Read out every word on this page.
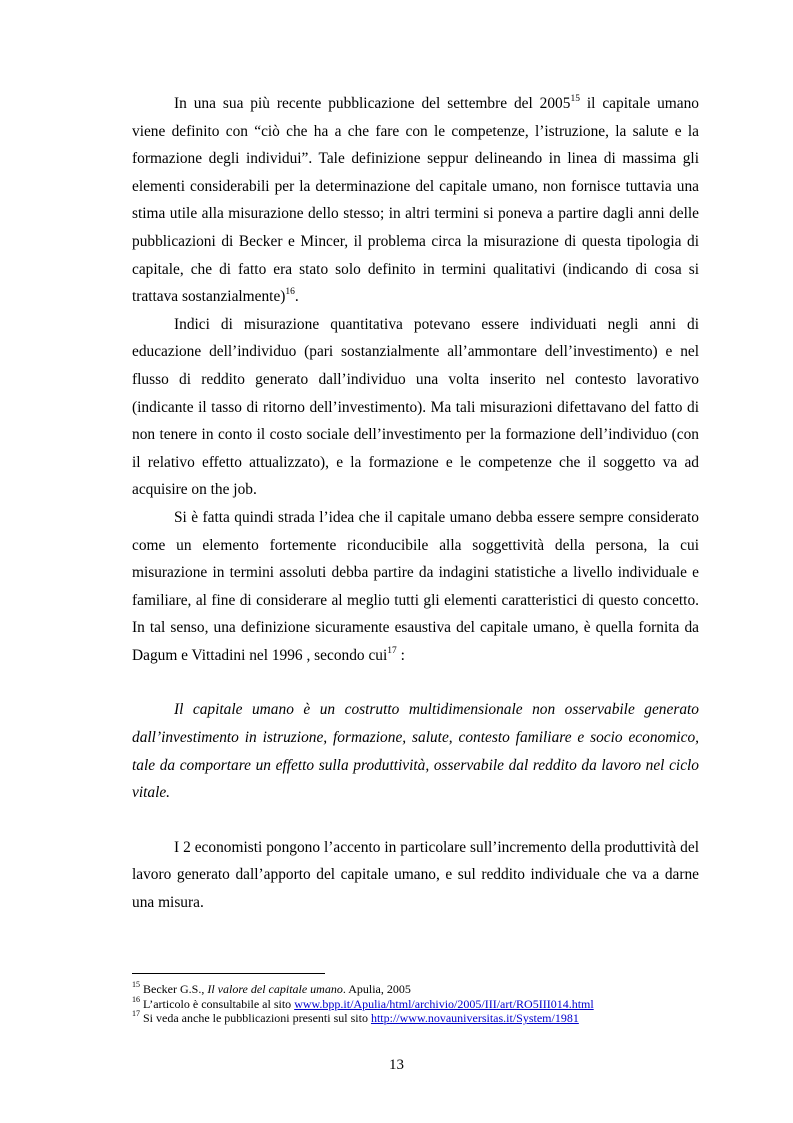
In una sua più recente pubblicazione del settembre del 2005$^{15}$ il capitale umano viene definito con “ciò che ha a che fare con le competenze, l’istruzione, la salute e la formazione degli individui”. Tale definizione seppur delineando in linea di massima gli elementi considerabili per la determinazione del capitale umano, non fornisce tuttavia una stima utile alla misurazione dello stesso; in altri termini si poneva a partire dagli anni delle pubblicazioni di Becker e Mincer, il problema circa la misurazione di questa tipologia di capitale, che di fatto era stato solo definito in termini qualitativi (indicando di cosa si trattava sostanzialmente)$^{16}$.

Indici di misurazione quantitativa potevano essere individuati negli anni di educazione dell’individuo (pari sostanzialmente all’ammontare dell’investimento) e nel flusso di reddito generato dall’individuo una volta inserito nel contesto lavorativo (indicante il tasso di ritorno dell’investimento). Ma tali misurazioni difettavano del fatto di non tenere in conto il costo sociale dell’investimento per la formazione dell’individuo (con il relativo effetto attualizzato), e la formazione e le competenze che il soggetto va ad acquisire on the job.

Si è fatta quindi strada l’idea che il capitale umano debba essere sempre considerato come un elemento fortemente riconducibile alla soggettività della persona, la cui misurazione in termini assoluti debba partire da indagini statistiche a livello individuale e familiare, al fine di considerare al meglio tutti gli elementi caratteristici di questo concetto. In tal senso, una definizione sicuramente esaustiva del capitale umano, è quella fornita da Dagum e Vittadini nel 1996 , secondo cui$^{17}$ :

Il capitale umano è un costrutto multidimensionale non osservabile generato dall’investimento in istruzione, formazione, salute, contesto familiare e socio economico, tale da comportare un effetto sulla produttività, osservabile dal reddito da lavoro nel ciclo vitale.

I 2 economisti pongono l’accento in particolare sull’incremento della produttività del lavoro generato dall’apporto del capitale umano, e sul reddito individuale che va a darne una misura.

$^{15}$ Becker G.S., Il valore del capitale umano. Apulia, 2005

$^{16}$ L’articolo è consultabile al sito www.bpp.it/Apulia/html/archivio/2005/III/art/RO5III014.html

$^{17}$ Si veda anche le pubblicazioni presenti sul sito http://www.novauniversitas.it/System/1981

13
